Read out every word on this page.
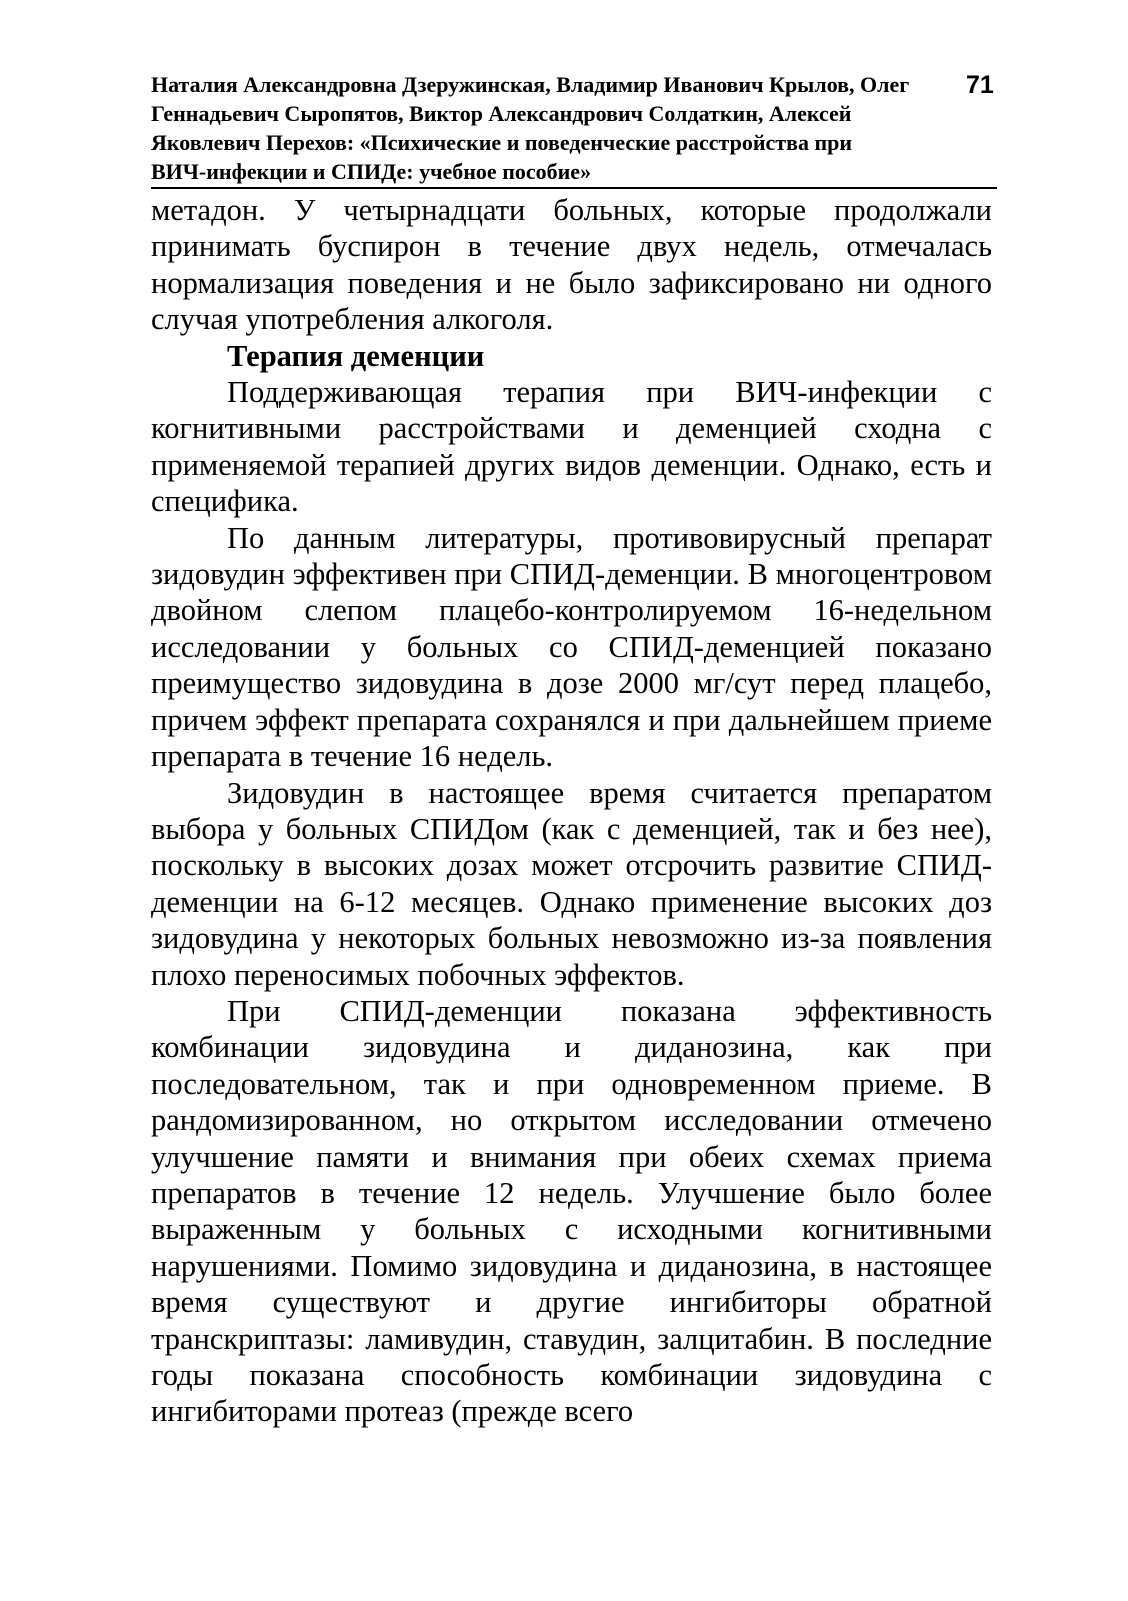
Наталия Александровна Дзеружинская, Владимир Иванович Крылов, Олег
Геннадьевич Сыропятов, Виктор Александрович Солдаткин, Алексей
Яковлевич Перехов: «Психические и поведенческие расстройства при
ВИЧ-инфекции и СПИДе: учебное пособие»
71

метадон. У четырнадцати больных, которые продолжали принимать буспирон в течение двух недель, отмечалась нормализация поведения и не было зафиксировано ни одного случая употребления алкоголя.

Терапия деменции

Поддерживающая терапия при ВИЧ-инфекции с когнитивными расстройствами и деменцией сходна с применяемой терапией других видов деменции. Однако, есть и специфика.

По данным литературы, противовирусный препарат зидовудин эффективен при СПИД-деменции. В многоцентровом двойном слепом плацебо-контролируемом 16-недельном исследовании у больных со СПИД-деменцией показано преимущество зидовудина в дозе 2000 мг/сут перед плацебо, причем эффект препарата сохранялся и при дальнейшем приеме препарата в течение 16 недель.

Зидовудин в настоящее время считается препаратом выбора у больных СПИДом (как с деменцией, так и без нее), поскольку в высоких дозах может отсрочить развитие СПИД-деменции на 6-12 месяцев. Однако применение высоких доз зидовудина у некоторых больных невозможно из-за появления плохо переносимых побочных эффектов.

При СПИД-деменции показана эффективность комбинации зидовудина и диданозина, как при последовательном, так и при одновременном приеме. В рандомизированном, но открытом исследовании отмечено улучшение памяти и внимания при обеих схемах приема препаратов в течение 12 недель. Улучшение было более выраженным у больных с исходными когнитивными нарушениями. Помимо зидовудина и диданозина, в настоящее время существуют и другие ингибиторы обратной транскриптазы: ламивудин, ставудин, залцитабин. В последние годы показана способность комбинации зидовудина с ингибиторами протеаз (прежде всего
